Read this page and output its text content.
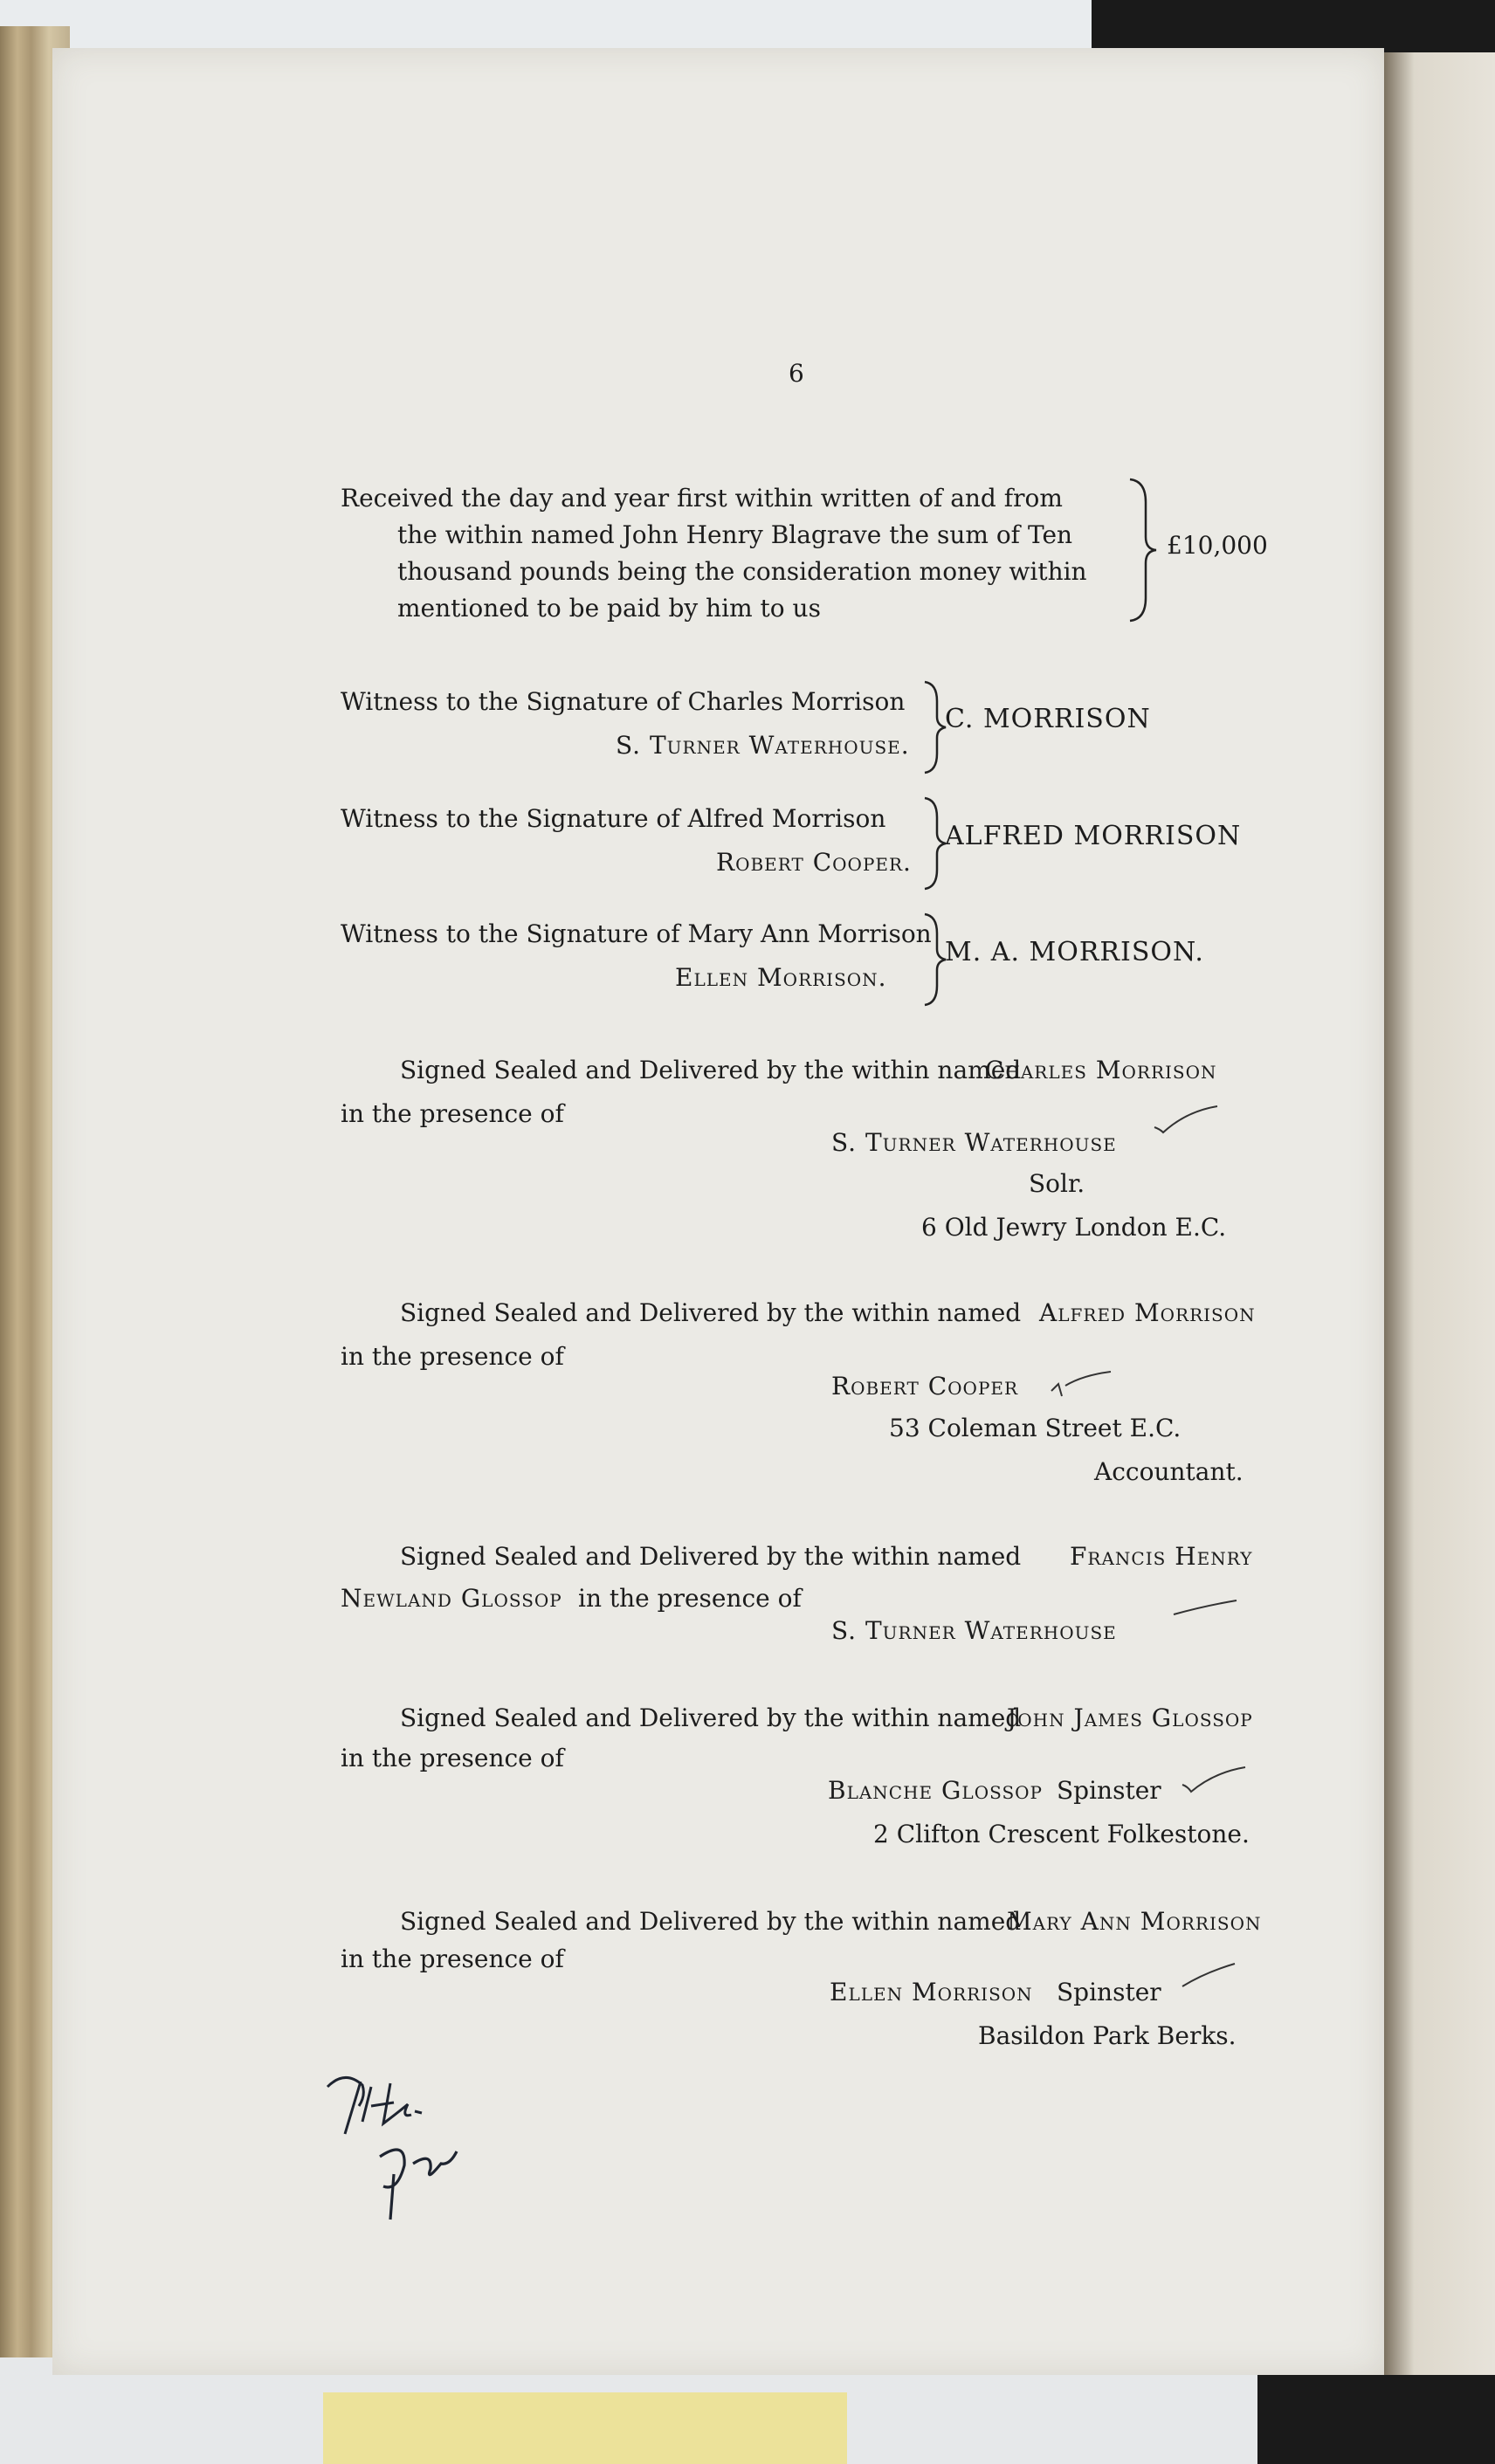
6
Received the day and year first within written of and from
the within named John Henry Blagrave the sum of Ten
thousand pounds being the consideration money within
mentioned to be paid by him to us
£10,000
Witness to the Signature of Charles Morrison
S. Turner Waterhouse.
C. MORRISON
Witness to the Signature of Alfred Morrison
Robert Cooper.
ALFRED MORRISON
Witness to the Signature of Mary Ann Morrison
Ellen Morrison.
M. A. MORRISON.
Signed Sealed and Delivered by the within named
Charles Morrison
in the presence of
S. Turner Waterhouse
Solr.
6 Old Jewry London E.C.
Signed Sealed and Delivered by the within named Alfred Morrison
in the presence of
Robert Cooper
53 Coleman Street E.C.
Accountant.
Signed Sealed and Delivered by the within named Francis Henry
Newland Glossop in the presence of
S. Turner Waterhouse
Signed Sealed and Delivered by the within named
John James Glossop
in the presence of
Blanche Glossop Spinster
2 Clifton Crescent Folkestone.
Signed Sealed and Delivered by the within named
Mary Ann Morrison
in the presence of
Ellen Morrison Spinster
Basildon Park Berks.
